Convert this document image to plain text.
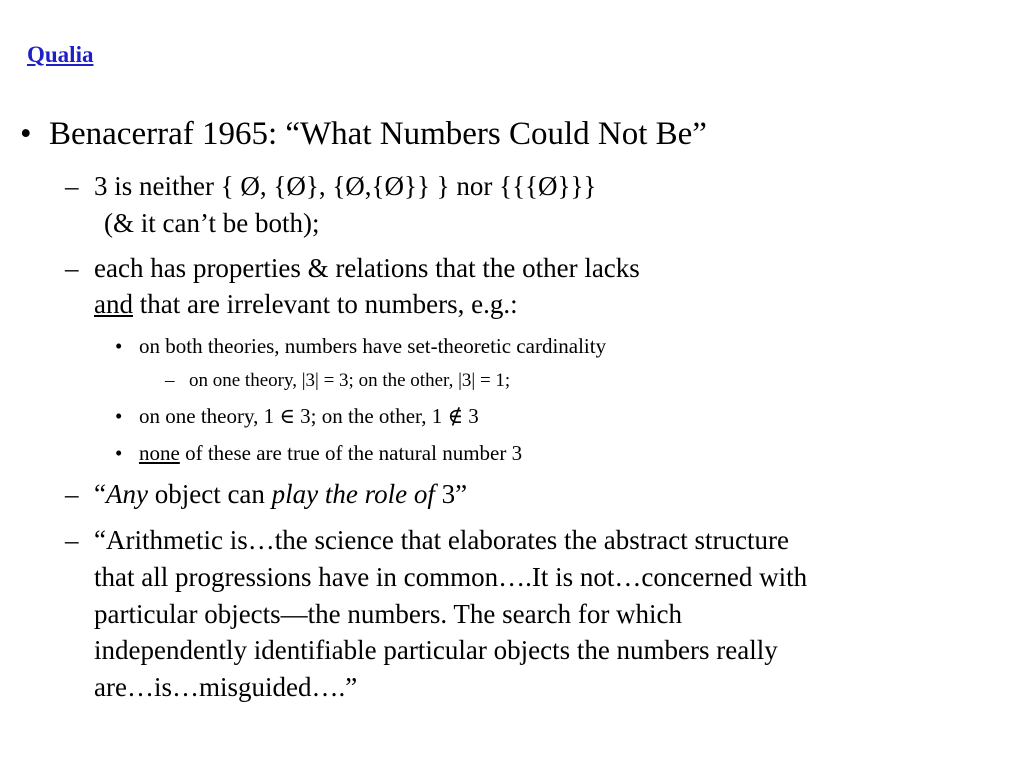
Qualia
• Benacerraf 1965: “What Numbers Could Not Be”
– 3 is neither { Ø, {Ø}, {Ø,{Ø}} } nor {{{Ø}}}
(& it can’t be both);
– each has properties & relations that the other lacks
and that are irrelevant to numbers, e.g.:
• on both theories, numbers have set-theoretic cardinality
– on one theory, |3| = 3; on the other, |3| = 1;
• on one theory, 1 ∈ 3; on the other, 1 ∉ 3
• none of these are true of the natural number 3
– “Any object can play the role of 3”
– “Arithmetic is…the science that elaborates the abstract structure
that all progressions have in common….It is not…concerned with
particular objects—the numbers. The search for which
independently identifiable particular objects the numbers really
are…is…misguided….”
